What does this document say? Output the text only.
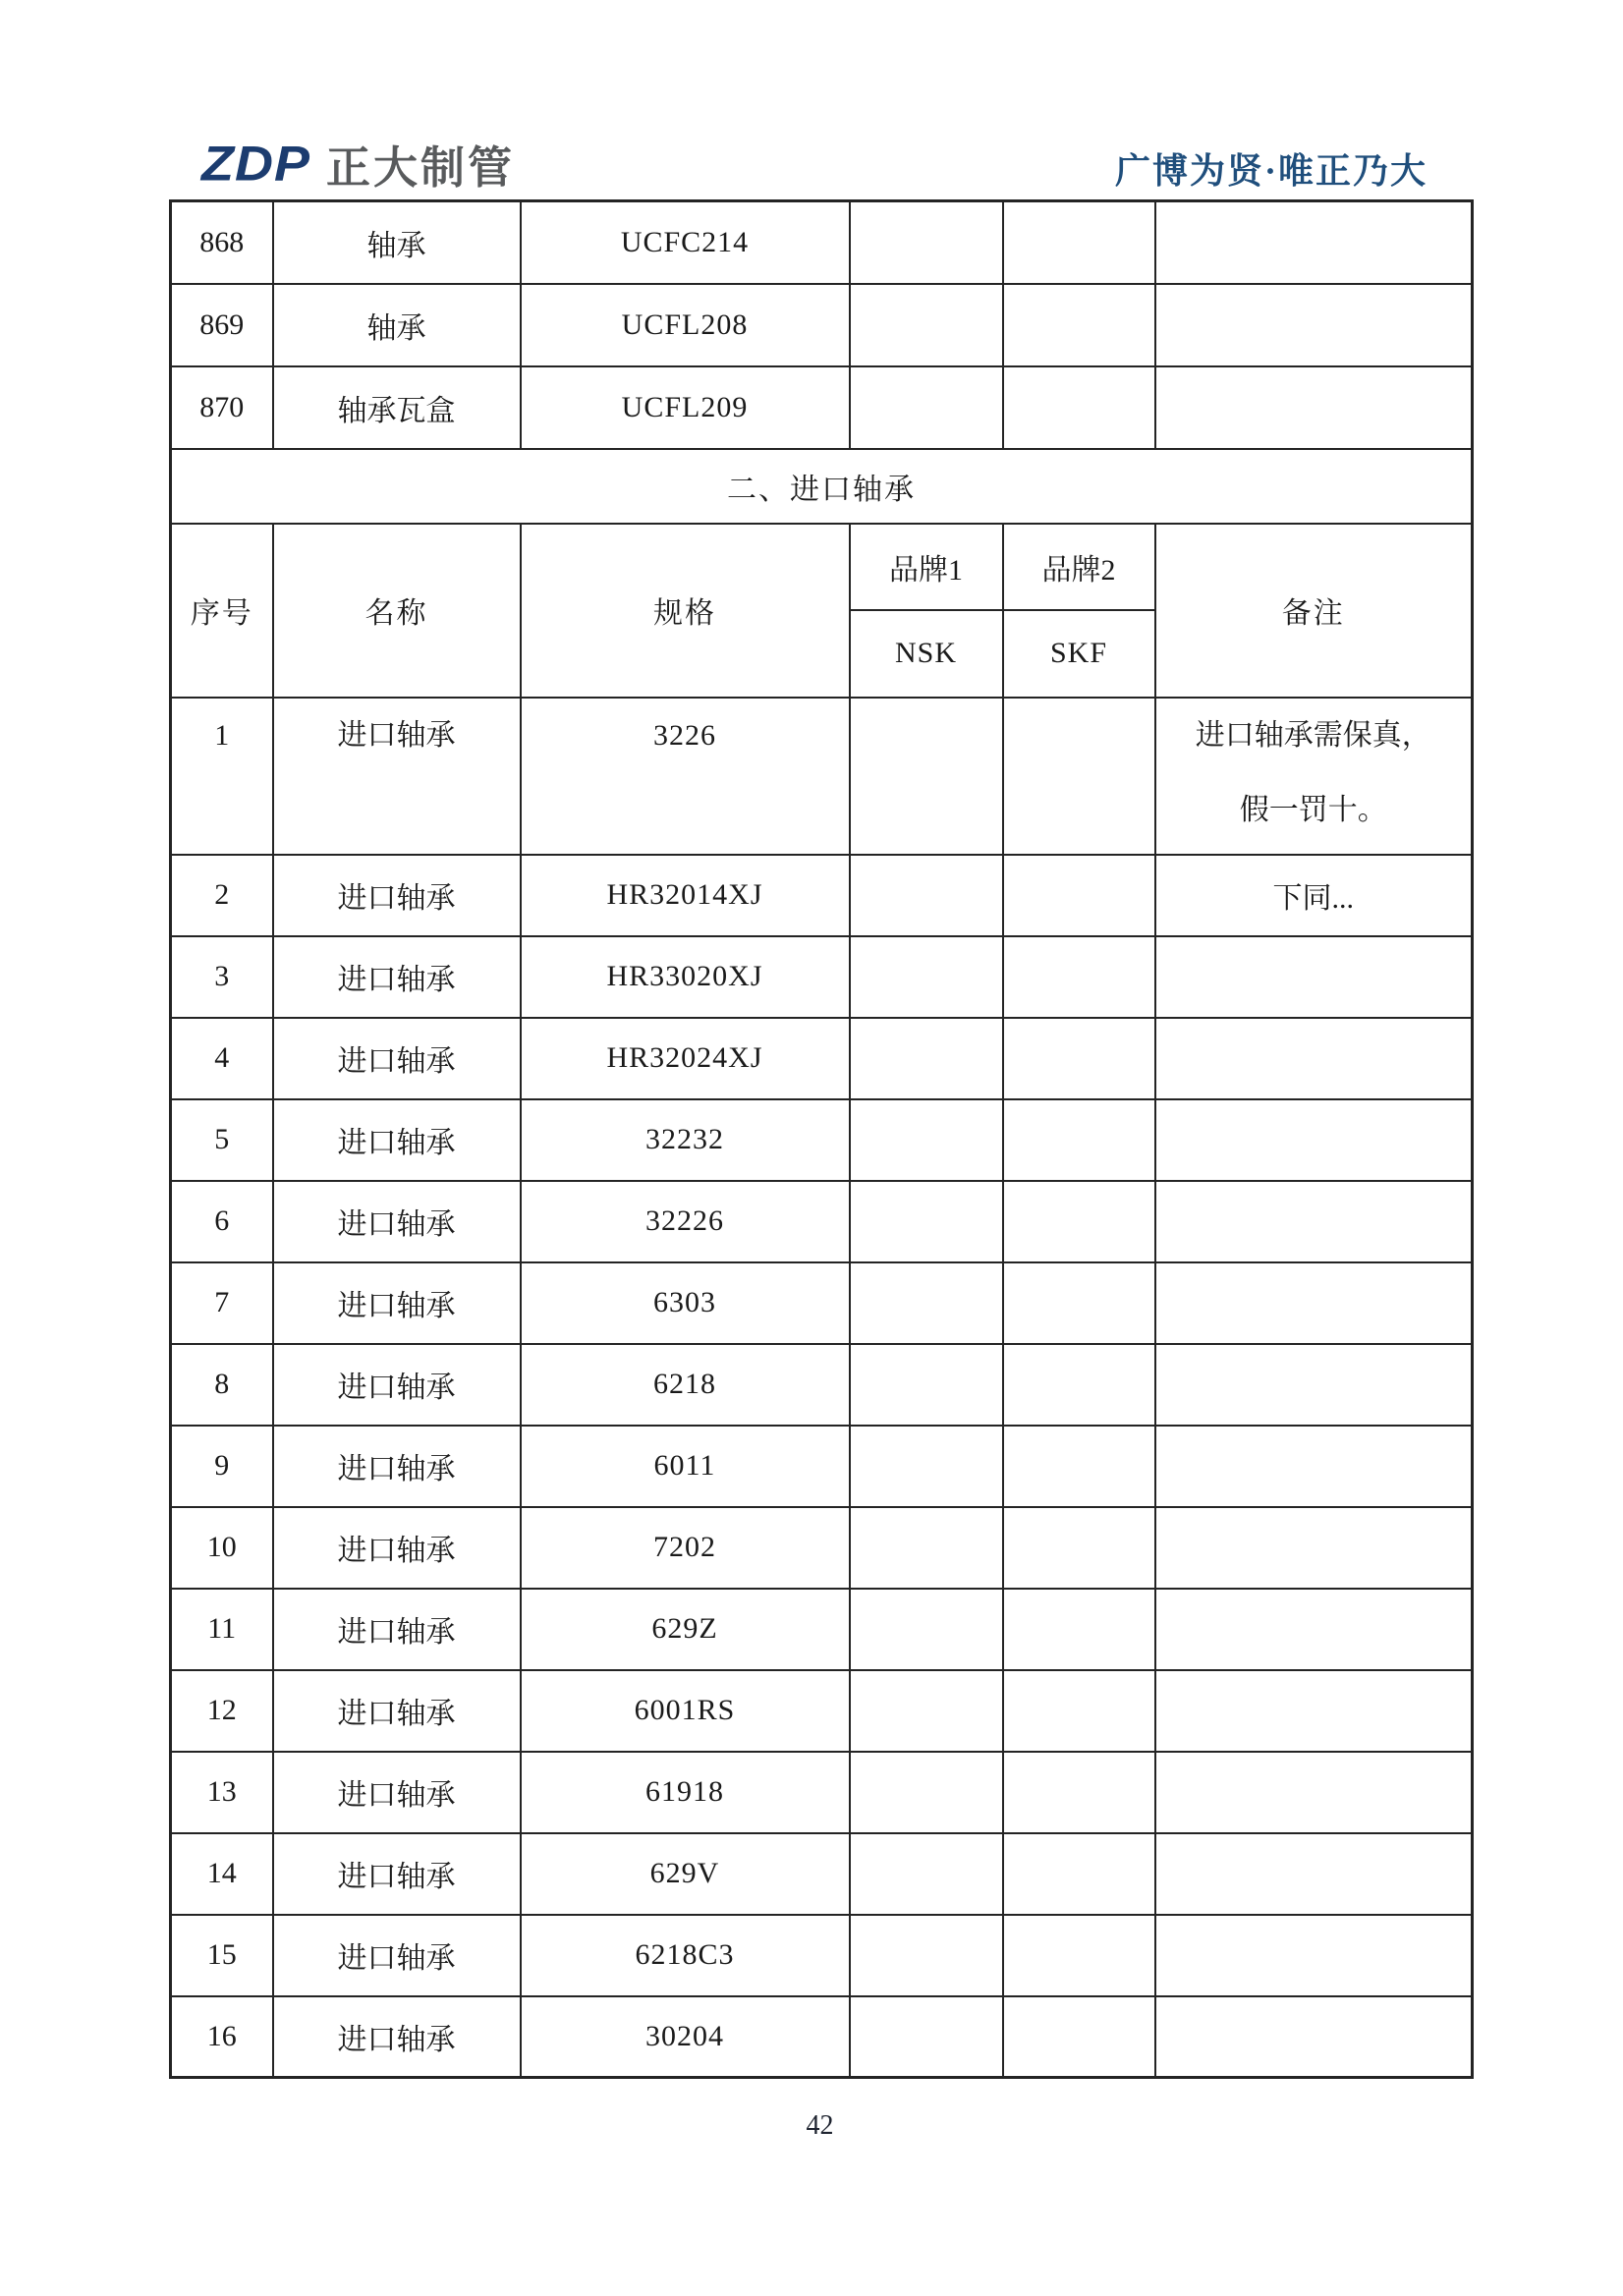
ZDP 正大制管	广博为贤·唯正乃大
868	轴承	UCFC214			
869	轴承	UCFL208			
870	轴承瓦盒	UCFL209			
二、进口轴承					
序号	名称	规格	品牌1	品牌2	备注
			NSK	SKF	
1	进口轴承	3226			进口轴承需保真，
假一罚十。

2	进口轴承	HR32014XJ			下同...
3	进口轴承	HR33020XJ			
4	进口轴承	HR32024XJ			
5	进口轴承	32232			
6	进口轴承	32226			
7	进口轴承	6303			
8	进口轴承	6218			
9	进口轴承	6011			
10	进口轴承	7202			
11	进口轴承	629Z			
12	进口轴承	6001RS			
13	进口轴承	61918			
14	进口轴承	629V			
15	进口轴承	6218C3			
16	进口轴承	30204			
42
